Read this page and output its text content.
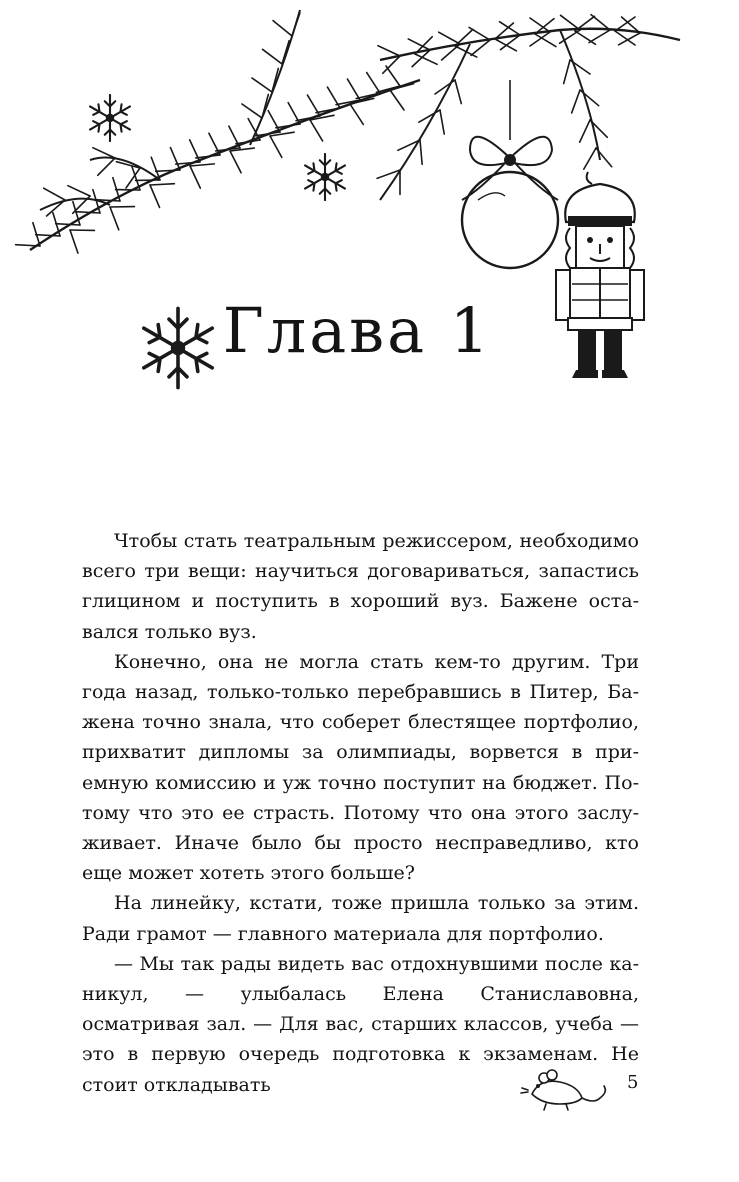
Глава 1

Чтобы стать театральным режиссером, необходимо всего три вещи: научиться договариваться, запастись глицином и поступить в хороший вуз. Бажене оставался только вуз.

Конечно, она не могла стать кем-то другим. Три года назад, только-только перебравшись в Питер, Бажена точно знала, что соберет блестящее портфолио, прихватит дипломы за олимпиады, ворвется в приемную комиссию и уж точно поступит на бюджет. Потому что это ее страсть. Потому что она этого заслуживает. Иначе было бы просто несправедливо, кто еще может хотеть этого больше?

На линейку, кстати, тоже пришла только за этим. Ради грамот — главного материала для портфолио.

— Мы так рады видеть вас отдохнувшими после каникул, — улыбалась Елена Станиславовна, осматривая зал. — Для вас, старших классов, учеба — это в первую очередь подготовка к экзаменам. Не стоит откладывать	5
